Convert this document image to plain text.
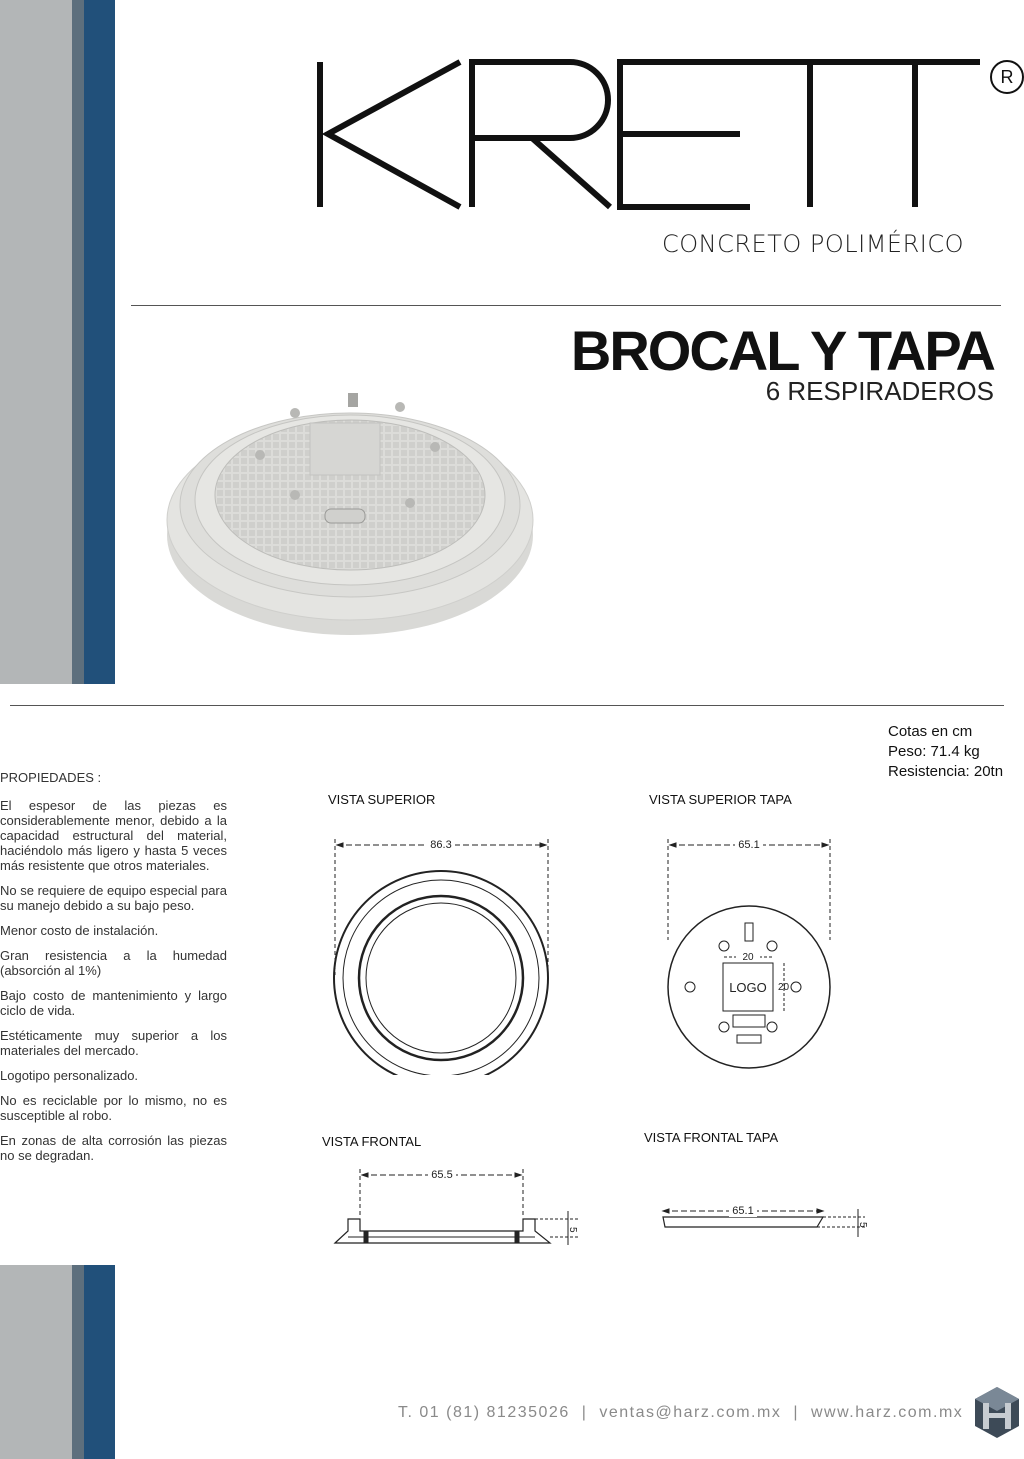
R
CONCRETO POLIMÉRICO
BROCAL Y TAPA
6 RESPIRADEROS
Cotas en cm
Peso: 71.4 kg
Resistencia: 20tn
PROPIEDADES :

El espesor de las piezas es considerablemente menor, debido a la capacidad estructural del material, haciéndolo más ligero y hasta 5 veces más resistente que otros materiales.

No se requiere de equipo especial para su manejo debido a su bajo peso.

Menor costo de instalación.

Gran resistencia a la humedad (absorción al 1%)

Bajo costo de mantenimiento y largo ciclo de vida.

Estéticamente muy superior a los materiales del mercado.

Logotipo personalizado.

No es reciclable por lo mismo, no es susceptible al robo.

En zonas de alta corrosión las piezas no se degradan.

VISTA SUPERIOR	VISTA SUPERIOR TAPA
VISTA FRONTAL	VISTA FRONTAL TAPA
86.3
20
20
LOGO
65.1
65.5
5
65.1
5
T. 01 (81) 81235026 | ventas@harz.com.mx | www.harz.com.mx
